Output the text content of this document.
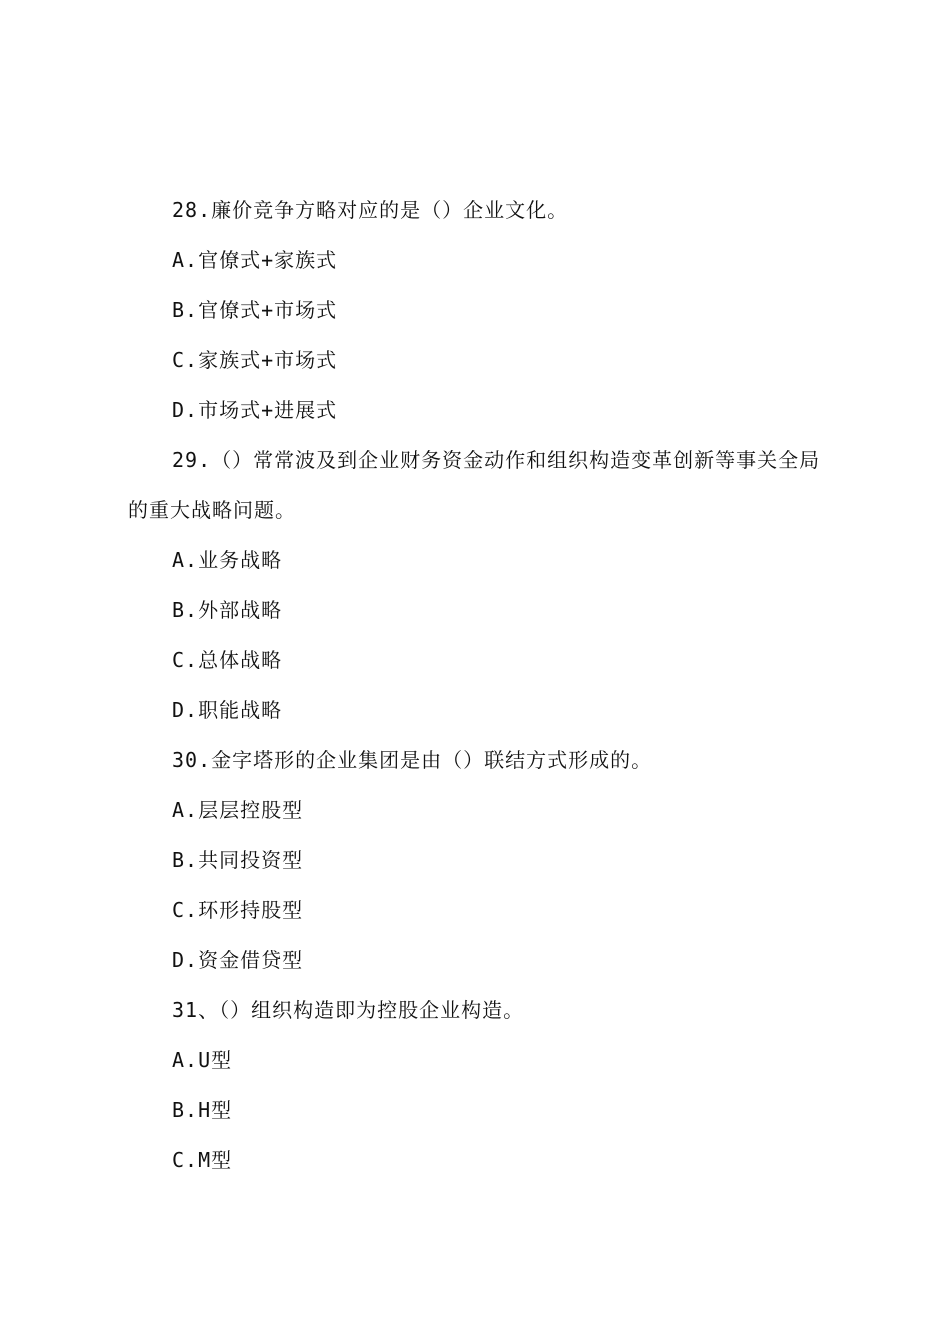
28.廉价竞争方略对应的是（）企业文化。
A.官僚式+家族式
B.官僚式+市场式
C.家族式+市场式
D.市场式+进展式
29.（）常常波及到企业财务资金动作和组织构造变革创新等事关全局的重大战略问题。
A.业务战略
B.外部战略
C.总体战略
D.职能战略
30.金字塔形的企业集团是由（）联结方式形成的。
A.层层控股型
B.共同投资型
C.环形持股型
D.资金借贷型
31、（）组织构造即为控股企业构造。
A.U型
B.H型
C.M型
